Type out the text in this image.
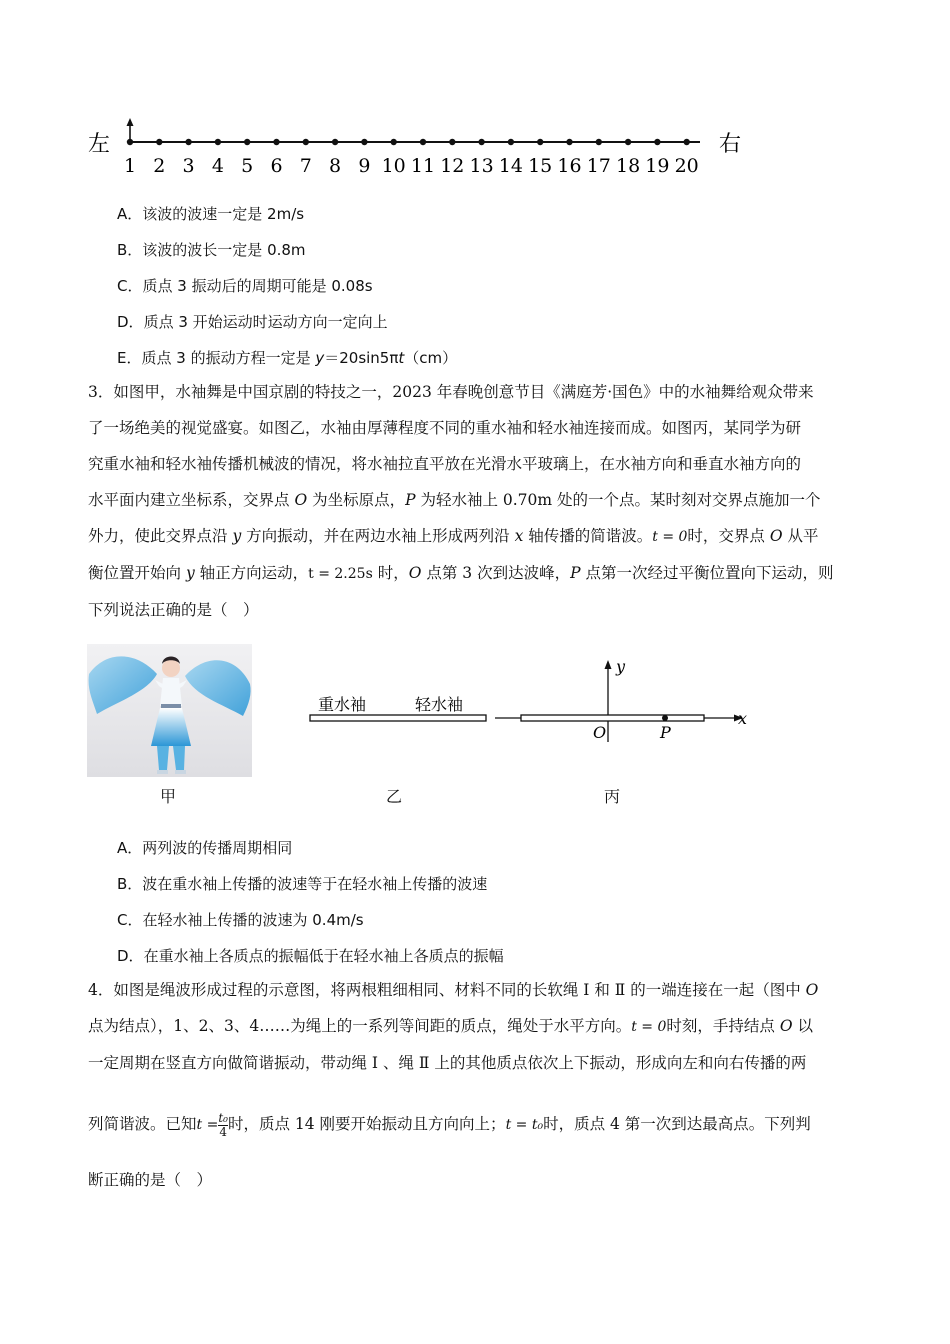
左	右
1 2 3 4 5 6 7 8 9 10 11 12 13 14 15 16 17 18 19 20
A．该波的波速一定是 2m/s
B．该波的波长一定是 0.8m
C．质点 3 振动后的周期可能是 0.08s
D．质点 3 开始运动时运动方向一定向上
E．质点 3 的振动方程一定是 y＝20sin5πt（cm）
3．如图甲，水袖舞是中国京剧的特技之一，2023 年春晚创意节目《满庭芳·国色》中的水袖舞给观众带来
了一场绝美的视觉盛宴。如图乙，水袖由厚薄程度不同的重水袖和轻水袖连接而成。如图丙，某同学为研
究重水袖和轻水袖传播机械波的情况，将水袖拉直平放在光滑水平玻璃上，在水袖方向和垂直水袖方向的
水平面内建立坐标系，交界点 O 为坐标原点，P 为轻水袖上 0.70m 处的一个点。某时刻对交界点施加一个
外力，使此交界点沿 y 方向振动，并在两边水袖上形成两列沿 x 轴传播的简谐波。t = 0时，交界点 O 从平
衡位置开始向 y 轴正方向运动，t = 2.25s 时，O 点第 3 次到达波峰，P 点第一次经过平衡位置向下运动，则
下列说法正确的是（　）
重水袖	轻水袖
y
x
O	P
甲	乙	丙
A．两列波的传播周期相同
B．波在重水袖上传播的波速等于在轻水袖上传播的波速
C．在轻水袖上传播的波速为 0.4m/s
D．在重水袖上各质点的振幅低于在轻水袖上各质点的振幅
4．如图是绳波形成过程的示意图，将两根粗细相同、材料不同的长软绳 Ⅰ 和 Ⅱ 的一端连接在一起（图中 O
点为结点），1、2、3、4……为绳上的一系列等间距的质点，绳处于水平方向。t = 0时刻，手持结点 O 以
一定周期在竖直方向做简谐振动，带动绳 Ⅰ 、绳 Ⅱ 上的其他质点依次上下振动，形成向左和向右传播的两
列简谐波。已知$t = \frac{\text{t₀}}{4}$ 时，质点 14 刚要开始振动且方向向上；t = t₀时，质点 4 第一次到达最高点。下列判
断正确的是（　）
